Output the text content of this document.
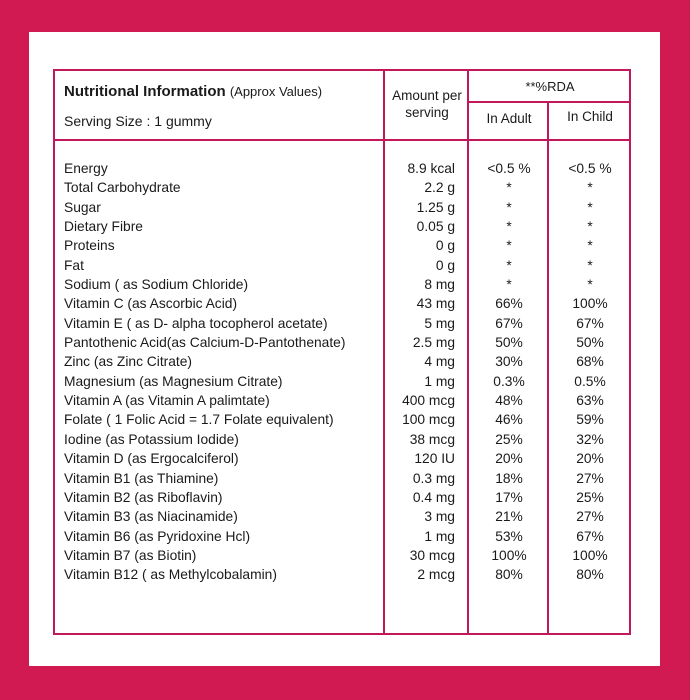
Nutritional Information (Approx Values)
Serving Size : 1 gummy
Amount per serving
**%RDA
In Adult	In Child
Energy	8.9 kcal	<0.5 %	<0.5 %
Total Carbohydrate	2.2 g	*	*
Sugar	1.25 g	*	*
Dietary Fibre	0.05 g	*	*
Proteins	0 g	*	*
Fat	0 g	*	*
Sodium ( as Sodium Chloride)	8 mg	*	*
Vitamin C (as Ascorbic Acid)	43 mg	66%	100%
Vitamin E ( as D- alpha tocopherol acetate)	5 mg	67%	67%
Pantothenic Acid(as Calcium-D-Pantothenate)	2.5 mg	50%	50%
Zinc (as Zinc Citrate)	4 mg	30%	68%
Magnesium (as Magnesium Citrate)	1 mg	0.3%	0.5%
Vitamin A (as Vitamin A palimtate)	400 mcg	48%	63%
Folate ( 1 Folic Acid = 1.7 Folate equivalent)	100 mcg	46%	59%
Iodine (as Potassium Iodide)	38 mcg	25%	32%
Vitamin D (as Ergocalciferol)	120 IU	20%	20%
Vitamin B1 (as Thiamine)	0.3 mg	18%	27%
Vitamin B2 (as Riboflavin)	0.4 mg	17%	25%
Vitamin B3 (as Niacinamide)	3 mg	21%	27%
Vitamin B6 (as Pyridoxine Hcl)	1 mg	53%	67%
Vitamin B7 (as Biotin)	30 mcg	100%	100%
Vitamin B12 ( as Methylcobalamin)	2 mcg	80%	80%
